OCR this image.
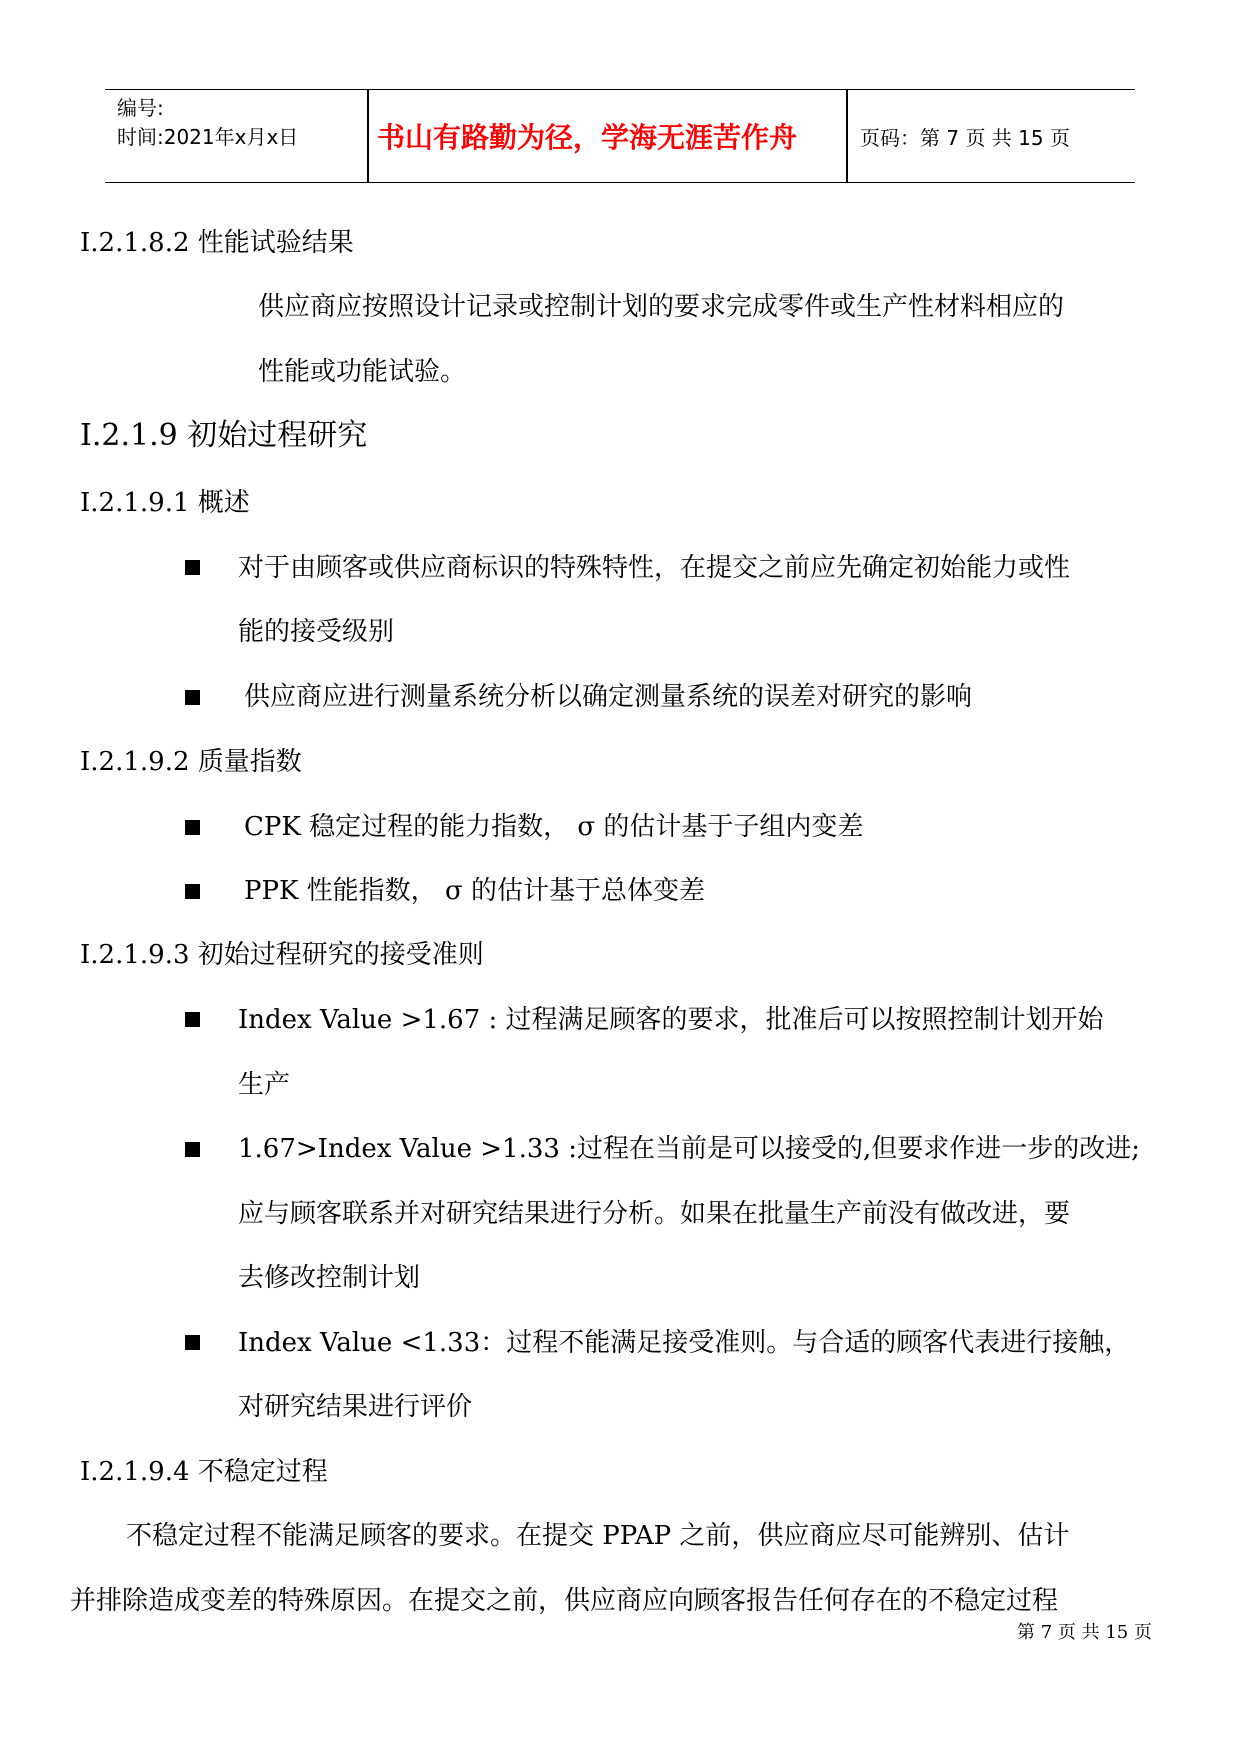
编号:
时间:2021年x月x日	书山有路勤为径，学海无涯苦作舟	页码：第 7 页 共 15 页
Ⅰ.2.1.8.2 性能试验结果
供应商应按照设计记录或控制计划的要求完成零件或生产性材料相应的
性能或功能试验。
Ⅰ.2.1.9 初始过程研究
Ⅰ.2.1.9.1 概述
对于由顾客或供应商标识的特殊特性，在提交之前应先确定初始能力或性
能的接受级别
供应商应进行测量系统分析以确定测量系统的误差对研究的影响
Ⅰ.2.1.9.2 质量指数
CPK 稳定过程的能力指数， σ 的估计基于子组内变差
PPK 性能指数， σ 的估计基于总体变差
Ⅰ.2.1.9.3 初始过程研究的接受准则
Index Value >1.67 : 过程满足顾客的要求，批准后可以按照控制计划开始
生产
1.67>Index Value >1.33 :过程在当前是可以接受的,但要求作进一步的改进;
应与顾客联系并对研究结果进行分析。如果在批量生产前没有做改进，要
去修改控制计划
Index Value <1.33：过程不能满足接受准则。与合适的顾客代表进行接触，
对研究结果进行评价
Ⅰ.2.1.9.4 不稳定过程
不稳定过程不能满足顾客的要求。在提交 PPAP 之前，供应商应尽可能辨别、估计
并排除造成变差的特殊原因。在提交之前，供应商应向顾客报告任何存在的不稳定过程
第 7 页 共 15 页
